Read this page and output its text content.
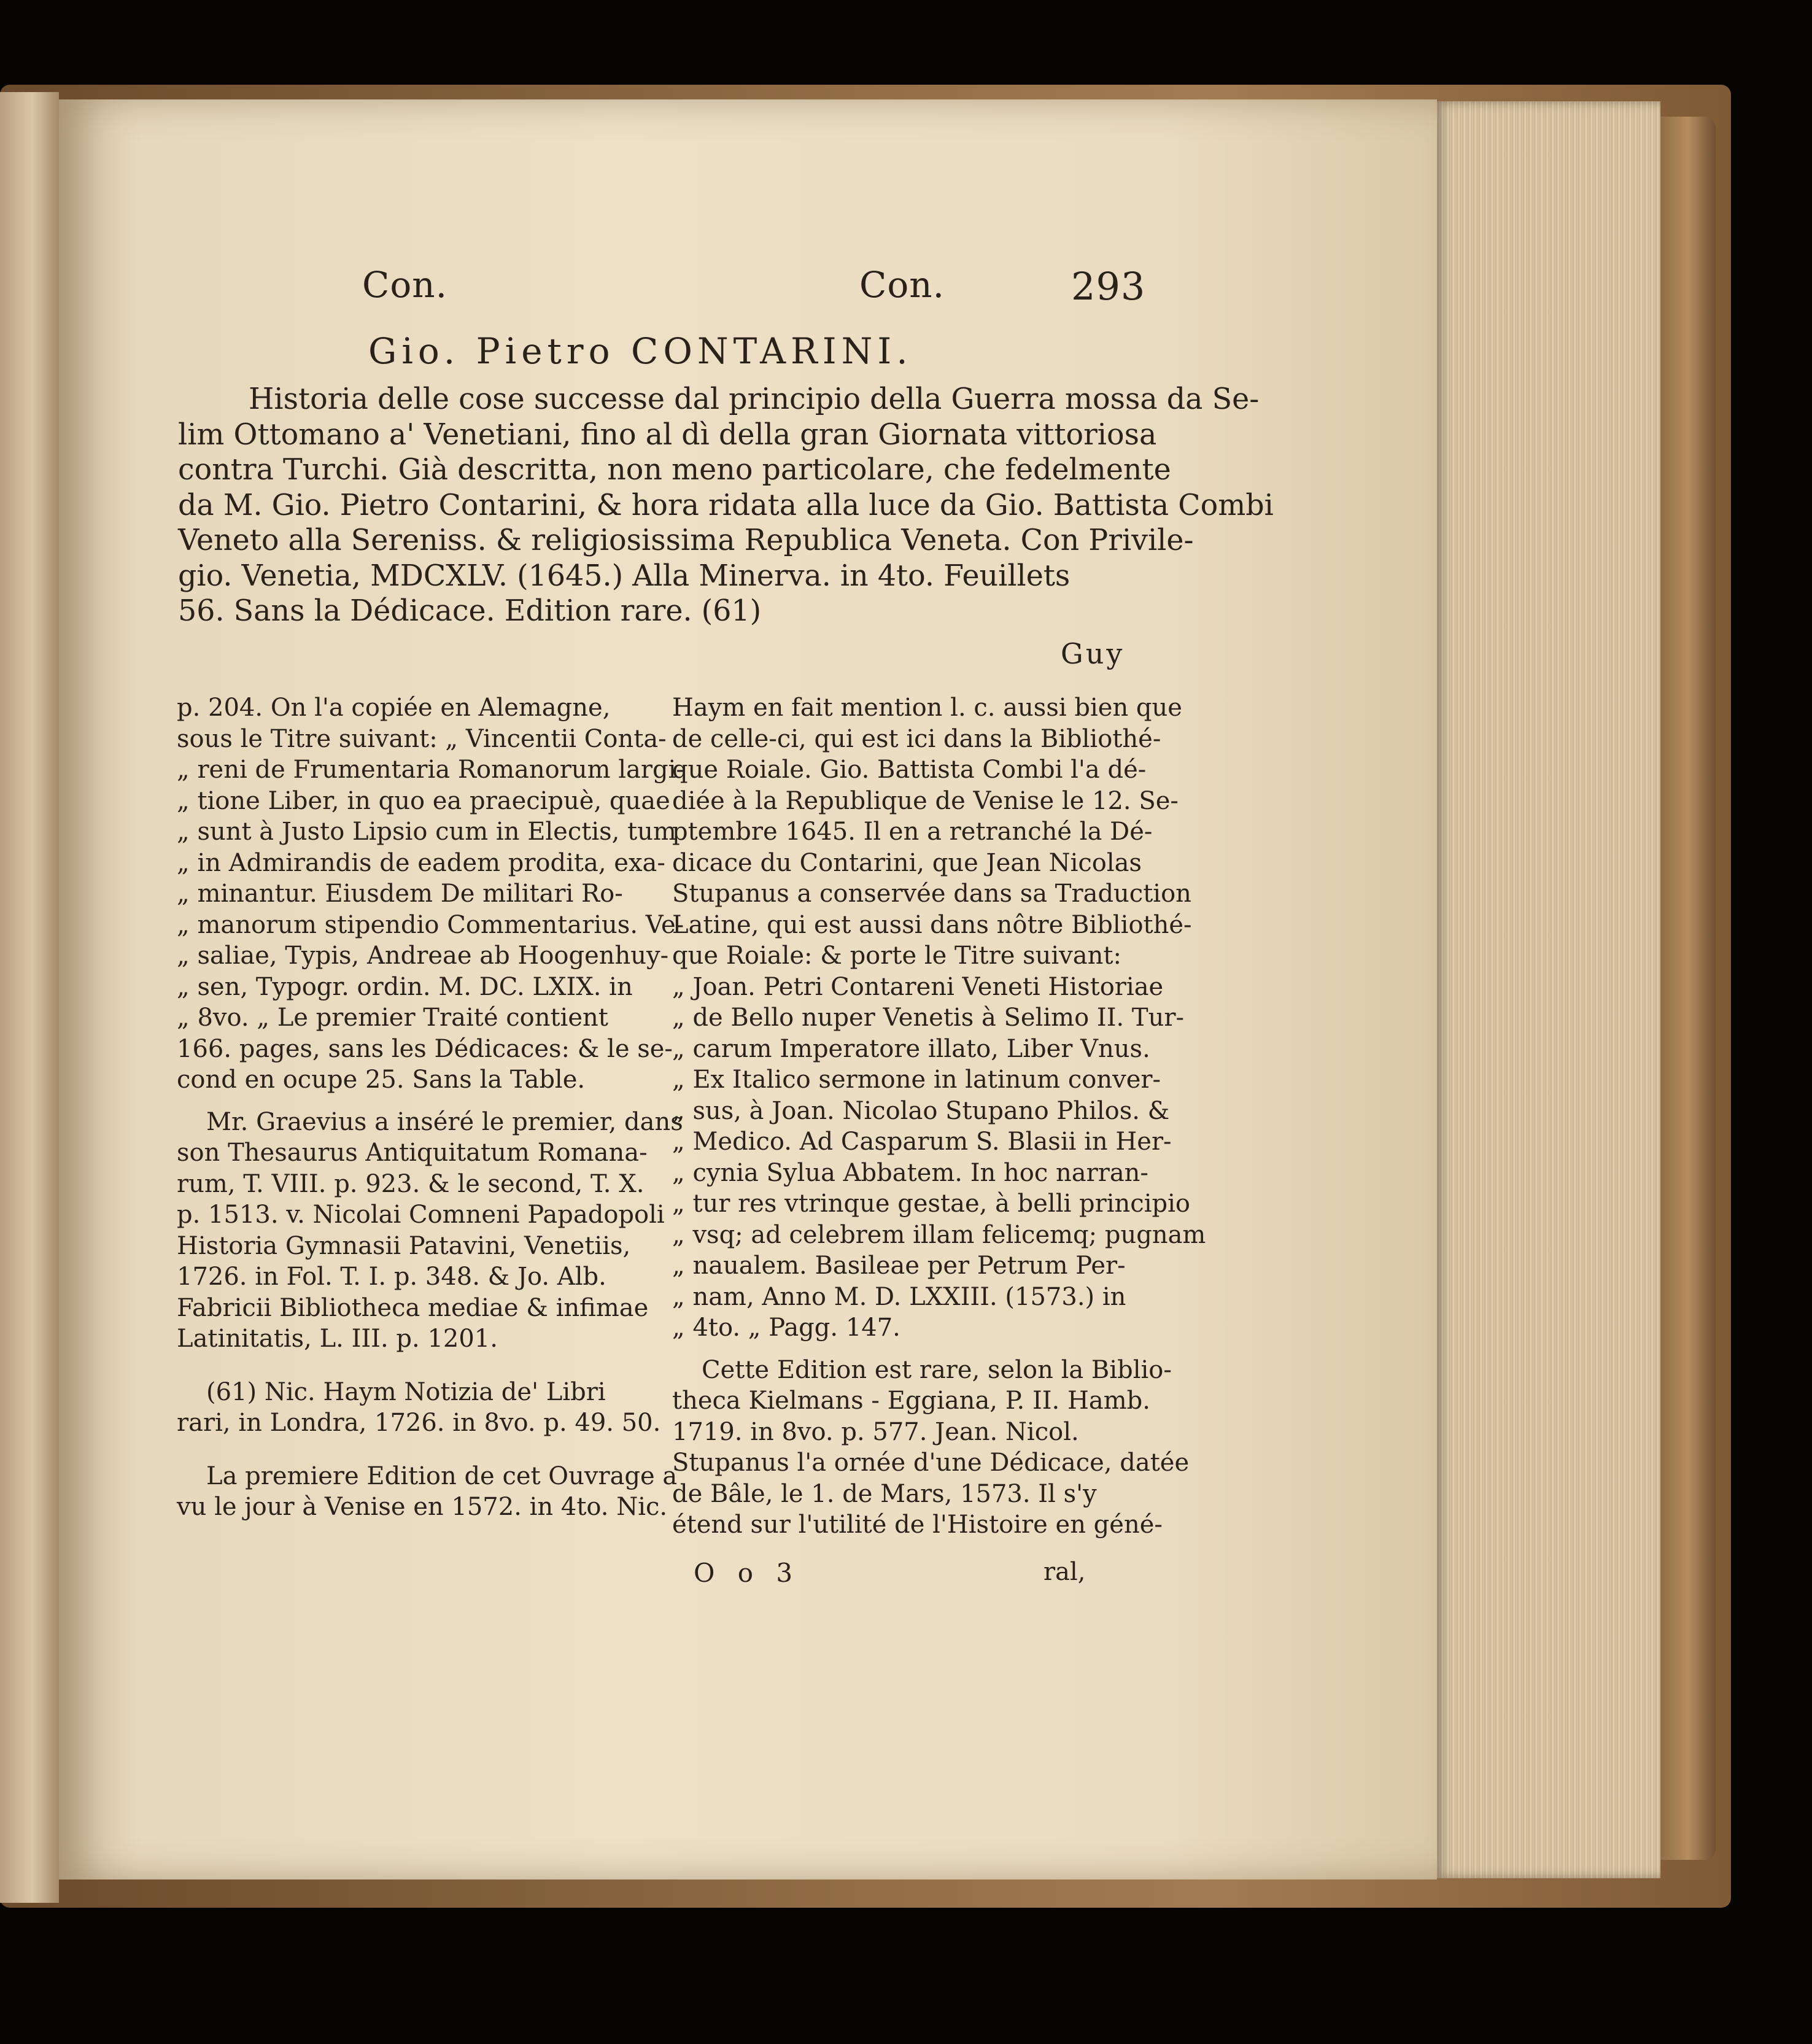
Con.	Con.	293
Gio. Pietro CONTARINI.
Historia delle cose successe dal principio della Guerra mossa da Se-
lim Ottomano a' Venetiani, fino al dì della gran Giornata vittoriosa
contra Turchi. Già descritta, non meno particolare, che fedelmente
da M. Gio. Pietro Contarini, & hora ridata alla luce da Gio. Battista Combi
Veneto alla Sereniss. & religiosissima Republica Veneta. Con Privile-
gio. Venetia, MDCXLV. (1645.) Alla Minerva. in 4to. Feuillets
56. Sans la Dédicace. Edition rare. (61)
Guy
p. 204. On l'a copiée en Alemagne,
sous le Titre suivant: „ Vincentii Conta-
„ reni de Frumentaria Romanorum largi-
„ tione Liber, in quo ea praecipuè, quae
„ sunt à Justo Lipsio cum in Electis, tum
„ in Admirandis de eadem prodita, exa-
„ minantur. Eiusdem De militari Ro-
„ manorum stipendio Commentarius. Ve-
„ saliae, Typis, Andreae ab Hoogenhuy-
„ sen, Typogr. ordin. M. DC. LXIX. in
„ 8vo. „ Le premier Traité contient
166. pages, sans les Dédicaces: & le se-
cond en ocupe 25. Sans la Table.
Mr. Graevius a inséré le premier, dans
son Thesaurus Antiquitatum Romana-
rum, T. VIII. p. 923. & le second, T. X.
p. 1513. v. Nicolai Comneni Papadopoli
Historia Gymnasii Patavini, Venetiis,
1726. in Fol. T. I. p. 348. & Jo. Alb.
Fabricii Bibliotheca mediae & infimae
Latinitatis, L. III. p. 1201.
(61) Nic. Haym Notizia de' Libri
rari, in Londra, 1726. in 8vo. p. 49. 50.
La premiere Edition de cet Ouvrage a
vu le jour à Venise en 1572. in 4to. Nic.
Haym en fait mention l. c. aussi bien que
de celle-ci, qui est ici dans la Bibliothé-
que Roiale. Gio. Battista Combi l'a dé-
diée à la Republique de Venise le 12. Se-
ptembre 1645. Il en a retranché la Dé-
dicace du Contarini, que Jean Nicolas
Stupanus a conservée dans sa Traduction
Latine, qui est aussi dans nôtre Bibliothé-
que Roiale: & porte le Titre suivant:
„ Joan. Petri Contareni Veneti Historiae
„ de Bello nuper Venetis à Selimo II. Tur-
„ carum Imperatore illato, Liber Vnus.
„ Ex Italico sermone in latinum conver-
„ sus, à Joan. Nicolao Stupano Philos. &
„ Medico. Ad Casparum S. Blasii in Her-
„ cynia Sylua Abbatem. In hoc narran-
„ tur res vtrinque gestae, à belli principio
„ vsq; ad celebrem illam felicemq; pugnam
„ naualem. Basileae per Petrum Per-
„ nam, Anno M. D. LXXIII. (1573.) in
„ 4to. „ Pagg. 147.
Cette Edition est rare, selon la Biblio-
theca Kielmans - Eggiana, P. II. Hamb.
1719. in 8vo. p. 577. Jean. Nicol.
Stupanus l'a ornée d'une Dédicace, datée
de Bâle, le 1. de Mars, 1573. Il s'y
étend sur l'utilité de l'Histoire en géné-
O o 3	ral,
